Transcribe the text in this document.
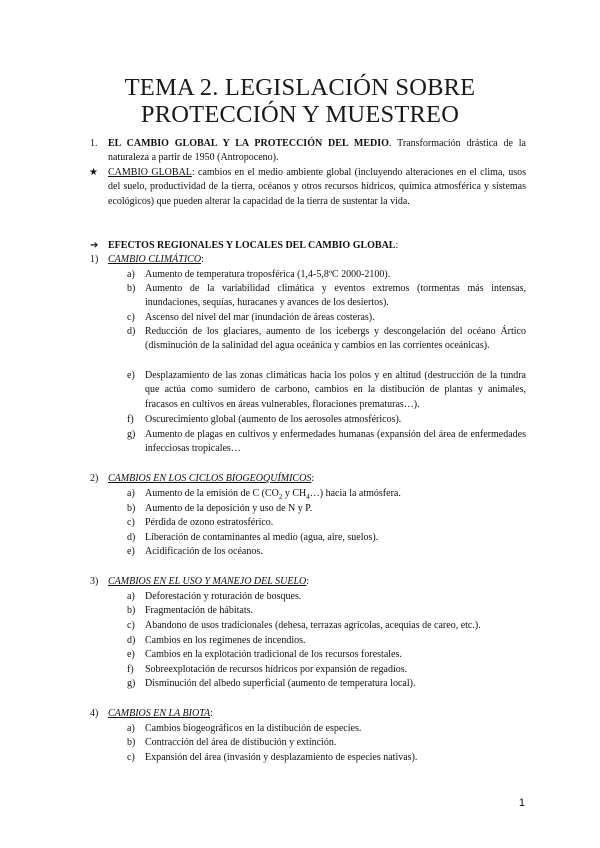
TEMA 2. LEGISLACIÓN SOBRE
PROTECCIÓN Y MUESTREO
1. EL CAMBIO GLOBAL Y LA PROTECCIÓN DEL MEDIO. Transformación drástica de la naturaleza a partir de 1950 (Antropoceno).
★ CAMBIO GLOBAL: cambios en el medio ambiente global (incluyendo alteraciones en el clima, usos del suelo, productividad de la tierra, océanos y otros recursos hídricos, química atmosférica y sistemas ecológicos) que pueden alterar la capacidad de la tierra de sustentar la vida.
➔ EFECTOS REGIONALES Y LOCALES DEL CAMBIO GLOBAL:
1) CAMBIO CLIMÁTICO:
a) Aumento de temperatura troposférica (1,4-5,8ºC 2000-2100).
b) Aumento de la variabilidad climática y eventos extremos (tormentas más intensas, inundaciones, sequías, huracanes y avances de los desiertos).
c) Ascenso del nivel del mar (inundación de áreas costeras).
d) Reducción de los glaciares, aumento de los icebergs y descongelación del océano Ártico (disminución de la salinidad del agua oceánica y cambios en las corrientes oceánicas).
e) Desplazamiento de las zonas climáticas hacia los polos y en altitud (destrucción de la tundra que actúa como sumidero de carbono, cambios en la distibución de plantas y animales, fracasos en cultivos en áreas vulnerables, floraciones prematuras…).
f) Oscurecimiento global (aumento de los aerosoles atmosféricos).
g) Aumento de plagas en cultivos y enfermedades humanas (expansión del área de enfermedades infecciosas tropicales…
2) CAMBIOS EN LOS CICLOS BIOGEOQUÍMICOS:
a) Aumento de la emisión de C ($CO_2$ y $CH_4\dots$) hacia la atmósfera.
b) Aumento de la deposición y uso de N y P.
c) Pérdida de ozono estratosférico.
d) Liberación de contaminantes al medio (agua, aire, suelos).
e) Acidificación de los océanos.
3) CAMBIOS EN EL USO Y MANEJO DEL SUELO:
a) Deforestación y roturación de bosques.
b) Fragmentación de hábitats.
c) Abandono de usos tradicionales (dehesa, terrazas agrícolas, acequias de careo, etc.).
d) Cambios en los regímenes de incendios.
e) Cambios en la explotación tradicional de los recursos forestales.
f) Sobreexplotación de recursos hídricos por expansión de regadíos.
g) Disminución del albedo superficial (aumento de temperatura local).
4) CAMBIOS EN LA BIOTA:
a) Cambios biogeográficos en la distibución de especies.
b) Contracción del área de distibución y extinción.
c) Expansión del área (invasión y desplazamiento de especies nativas).
1
